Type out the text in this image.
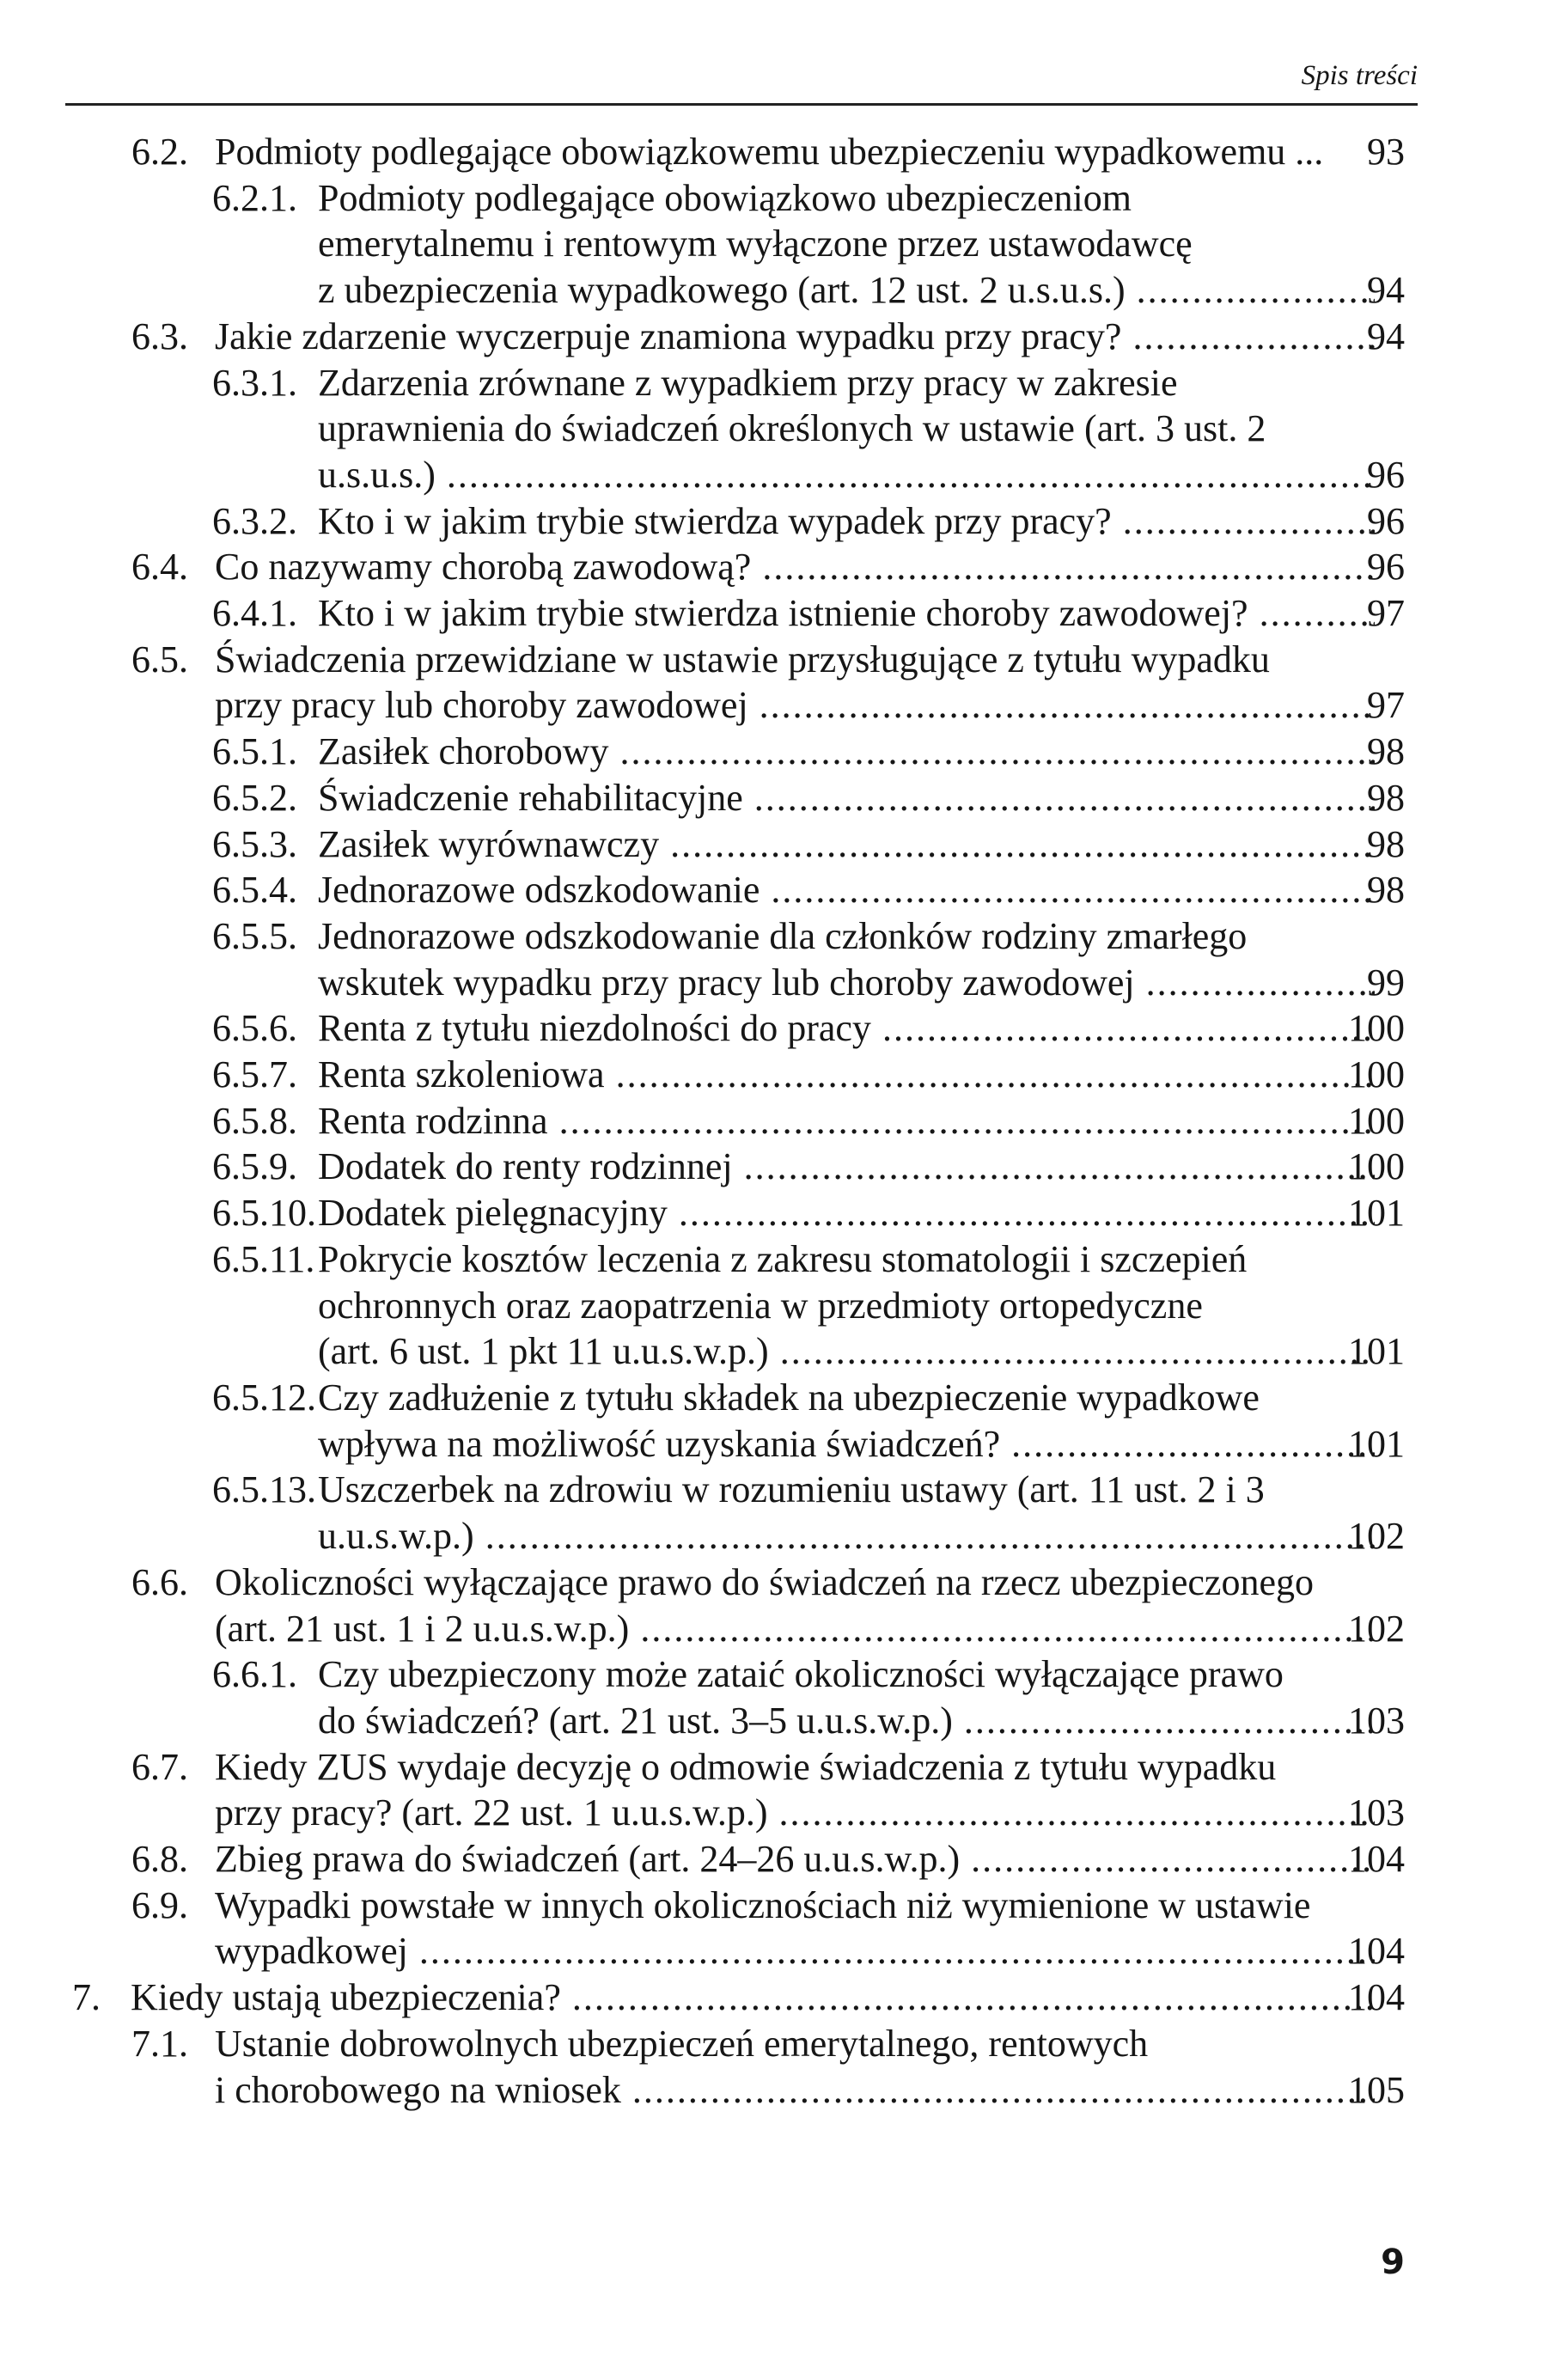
Spis treści
6.2. Podmioty podlegające obowiązkowemu ubezpieczeniu wypadkowemu ...	93
6.2.1. Podmioty podlegające obowiązkowo ubezpieczeniom
emerytalnemu i rentowym wyłączone przez ustawodawcę
z ubezpieczenia wypadkowego (art. 12 ust. 2 u.s.u.s.) .....	94
6.3. Jakie zdarzenie wyczerpuje znamiona wypadku przy pracy? .....	94
6.3.1. Zdarzenia zrównane z wypadkiem przy pracy w zakresie
uprawnienia do świadczeń określonych w ustawie (art. 3 ust. 2
u.s.u.s.) .....	96
6.3.2. Kto i w jakim trybie stwierdza wypadek przy pracy? .....	96
6.4. Co nazywamy chorobą zawodową? .....	96
6.4.1. Kto i w jakim trybie stwierdza istnienie choroby zawodowej? .....	97
6.5. Świadczenia przewidziane w ustawie przysługujące z tytułu wypadku
przy pracy lub choroby zawodowej .....	97
6.5.1. Zasiłek chorobowy .....	98
6.5.2. Świadczenie rehabilitacyjne .....	98
6.5.3. Zasiłek wyrównawczy .....	98
6.5.4. Jednorazowe odszkodowanie .....	98
6.5.5. Jednorazowe odszkodowanie dla członków rodziny zmarłego
wskutek wypadku przy pracy lub choroby zawodowej .....	99
6.5.6. Renta z tytułu niezdolności do pracy .....	100
6.5.7. Renta szkoleniowa .....	100
6.5.8. Renta rodzinna .....	100
6.5.9. Dodatek do renty rodzinnej .....	100
6.5.10. Dodatek pielęgnacyjny .....	101
6.5.11. Pokrycie kosztów leczenia z zakresu stomatologii i szczepień
ochronnych oraz zaopatrzenia w przedmioty ortopedyczne
(art. 6 ust. 1 pkt 11 u.u.s.w.p.) .....	101
6.5.12. Czy zadłużenie z tytułu składek na ubezpieczenie wypadkowe
wpływa na możliwość uzyskania świadczeń? .....	101
6.5.13. Uszczerbek na zdrowiu w rozumieniu ustawy (art. 11 ust. 2 i 3
u.u.s.w.p.) .....	102
6.6. Okoliczności wyłączające prawo do świadczeń na rzecz ubezpieczonego
(art. 21 ust. 1 i 2 u.u.s.w.p.) .....	102
6.6.1. Czy ubezpieczony może zataić okoliczności wyłączające prawo
do świadczeń? (art. 21 ust. 3–5 u.u.s.w.p.) .....	103
6.7. Kiedy ZUS wydaje decyzję o odmowie świadczenia z tytułu wypadku
przy pracy? (art. 22 ust. 1 u.u.s.w.p.) .....	103
6.8. Zbieg prawa do świadczeń (art. 24–26 u.u.s.w.p.) .....	104
6.9. Wypadki powstałe w innych okolicznościach niż wymienione w ustawie
wypadkowej .....	104
7. Kiedy ustają ubezpieczenia? .....	104
7.1. Ustanie dobrowolnych ubezpieczeń emerytalnego, rentowych
i chorobowego na wniosek .....	105
9
